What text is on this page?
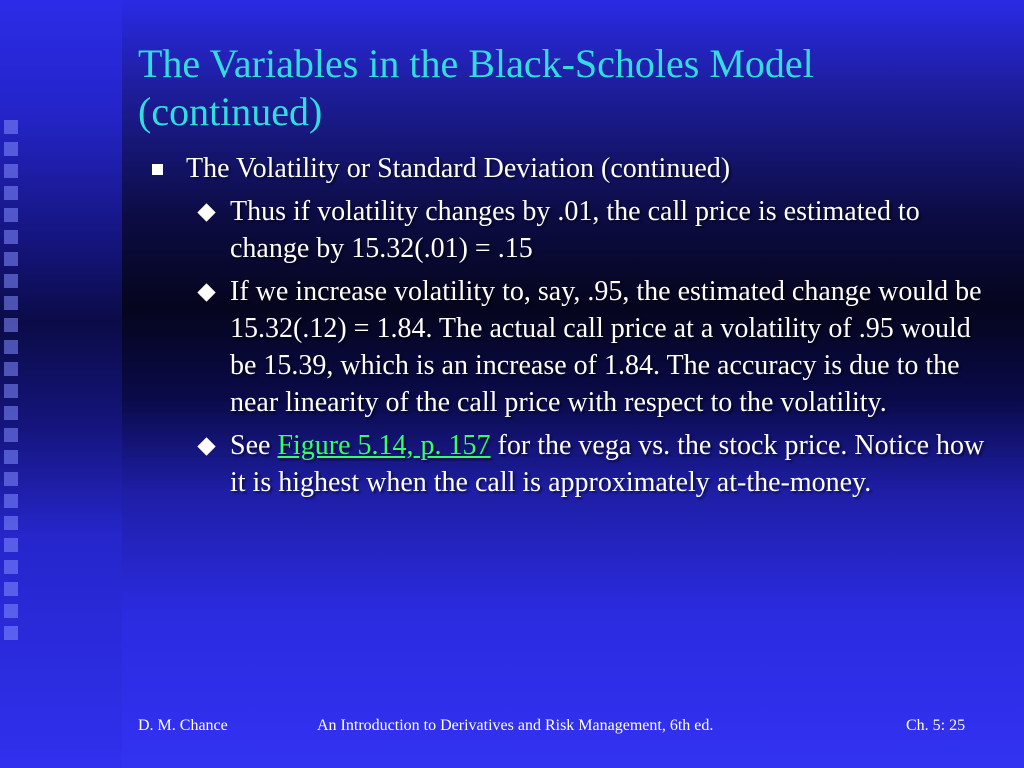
The Variables in the Black-Scholes Model
(continued)
The Volatility or Standard Deviation (continued)
Thus if volatility changes by .01, the call price is estimated to change by 15.32(.01) = .15
If we increase volatility to, say, .95, the estimated change would be 15.32(.12) = 1.84. The actual call price at a volatility of .95 would be 15.39, which is an increase of 1.84. The accuracy is due to the near linearity of the call price with respect to the volatility.
See Figure 5.14, p. 157 for the vega vs. the stock price. Notice how it is highest when the call is approximately at-the-money.
D. M. Chance	An Introduction to Derivatives and Risk Management, 6th ed.	Ch. 5: 25
